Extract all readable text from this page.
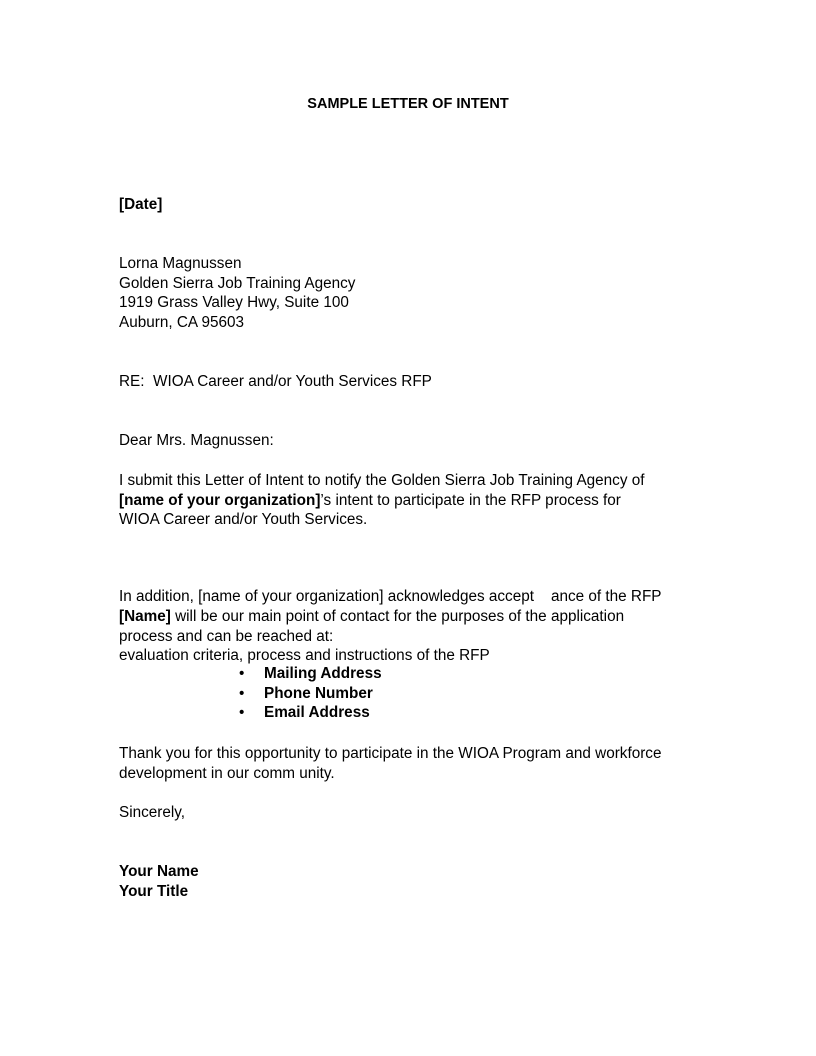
SAMPLE LETTER OF INTENT

[Date]

Lorna Magnussen
Golden Sierra Job Training Agency
1919 Grass Valley Hwy, Suite 100
Auburn, CA 95603

RE:  WIOA Career and/or Youth Services RFP

Dear Mrs. Magnussen:

I submit this Letter of Intent to notify the Golden Sierra Job Training Agency of
[name of your organization]’s intent to participate in the RFP process for
WIOA Career and/or Youth Services.

In addition, [name of your organization] acknowledges accept    ance of the RFP

evaluation criteria, process and instructions of the RFP

[Name] will be our main point of contact for the purposes of the application
process and can be reached at:
• Mailing Address
• Phone Number
• Email Address
Thank you for this opportunity to participate in the WIOA Program and workforce
development in our comm unity.

Sincerely,

Your Name
Your Title
